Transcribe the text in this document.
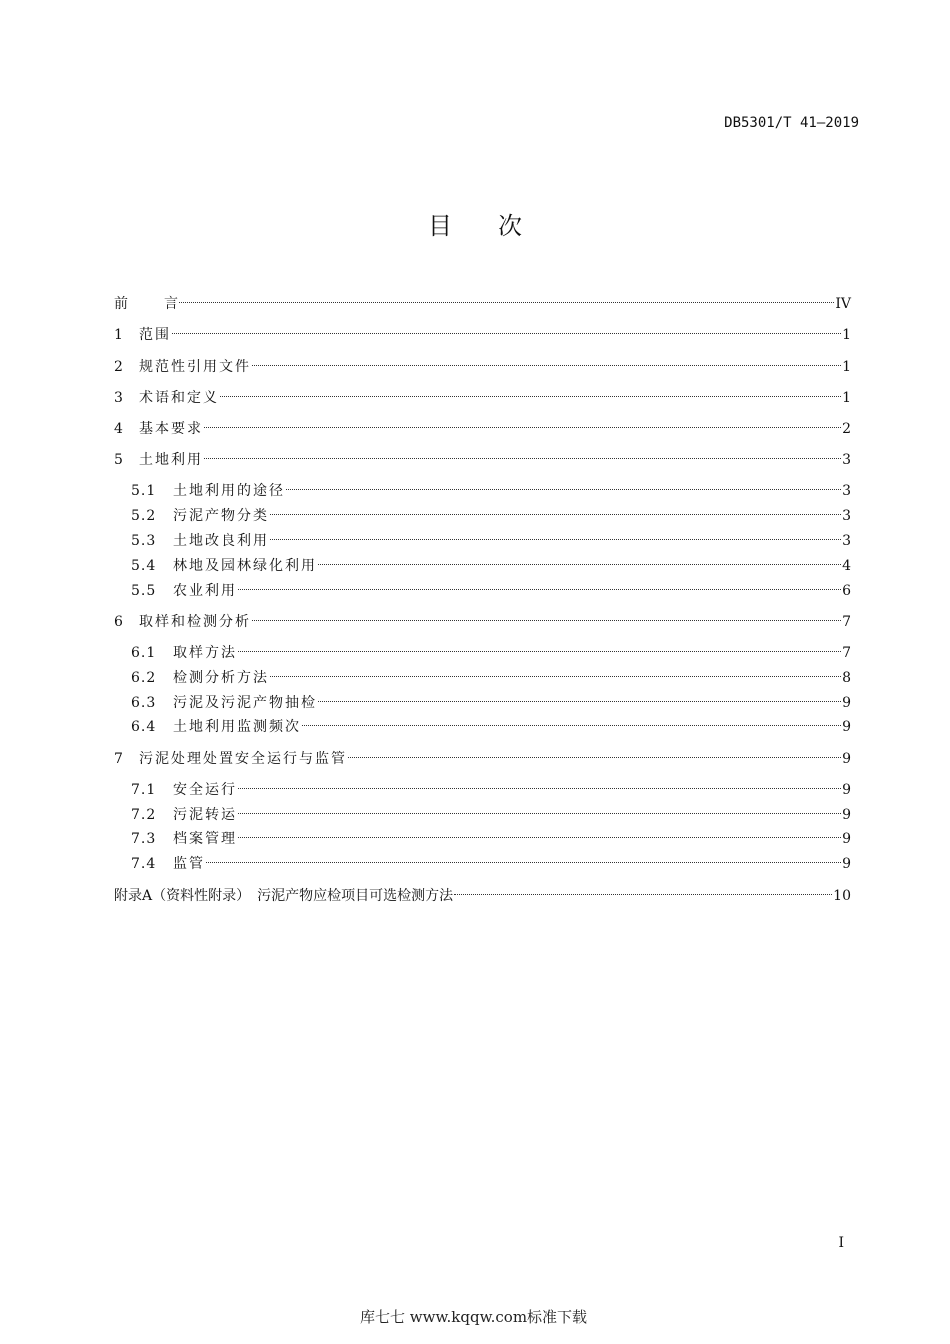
DB5301/T 41—2019
目 次
前	言	IV
1	范围	1
2	规范性引用文件	1
3	术语和定义	1
4	基本要求	2
5	土地利用	3
5.1	土地利用的途径	3
5.2	污泥产物分类	3
5.3	土地改良利用	3
5.4	林地及园林绿化利用	4
5.5	农业利用	6
6	取样和检测分析	7
6.1	取样方法	7
6.2	检测分析方法	8
6.3	污泥及污泥产物抽检	9
6.4	土地利用监测频次	9
7	污泥处理处置安全运行与监管	9
7.1	安全运行	9
7.2	污泥转运	9
7.3	档案管理	9
7.4	监管	9
附录A（资料性附录）　污泥产物应检项目可选检测方法	10
I
库七七 www.kqqw.com标准下载
